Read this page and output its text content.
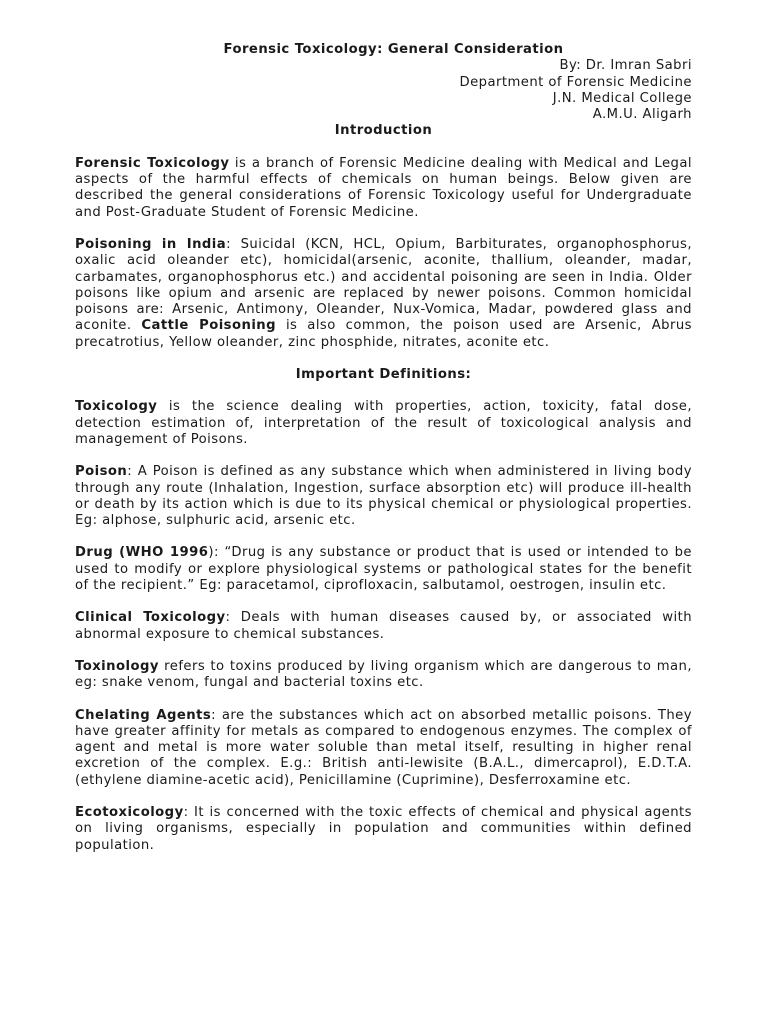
Forensic Toxicology: General Consideration

By: Dr. Imran Sabri

Department of Forensic Medicine

J.N. Medical College

A.M.U. Aligarh

Introduction

Forensic Toxicology is a branch of Forensic Medicine dealing with Medical and Legal aspects of the harmful effects of chemicals on human beings. Below given are described the general considerations of Forensic Toxicology useful for Undergraduate and Post-Graduate Student of Forensic Medicine.

Poisoning in India: Suicidal (KCN, HCL, Opium, Barbiturates, organophosphorus, oxalic acid oleander etc), homicidal(arsenic, aconite, thallium, oleander, madar, carbamates, organophosphorus etc.) and accidental poisoning are seen in India. Older poisons like opium and arsenic are replaced by newer poisons. Common homicidal poisons are: Arsenic, Antimony, Oleander, Nux-Vomica, Madar, powdered glass and aconite. Cattle Poisoning is also common, the poison used are Arsenic, Abrus precatrotius, Yellow oleander, zinc phosphide, nitrates, aconite etc.

Important Definitions:

Toxicology is the science dealing with properties, action, toxicity, fatal dose, detection estimation of, interpretation of the result of toxicological analysis and management of Poisons.

Poison: A Poison is defined as any substance which when administered in living body through any route (Inhalation, Ingestion, surface absorption etc) will produce ill-health or death by its action which is due to its physical chemical or physiological properties. Eg: alphose, sulphuric acid, arsenic etc.

Drug (WHO 1996): “Drug is any substance or product that is used or intended to be used to modify or explore physiological systems or pathological states for the benefit of the recipient.” Eg: paracetamol, ciprofloxacin, salbutamol, oestrogen, insulin etc.

Clinical Toxicology: Deals with human diseases caused by, or associated with abnormal exposure to chemical substances.

Toxinology refers to toxins produced by living organism which are dangerous to man, eg: snake venom, fungal and bacterial toxins etc.

Chelating Agents: are the substances which act on absorbed metallic poisons. They have greater affinity for metals as compared to endogenous enzymes. The complex of agent and metal is more water soluble than metal itself, resulting in higher renal excretion of the complex. E.g.: British anti-lewisite (B.A.L., dimercaprol), E.D.T.A. (ethylene diamine-acetic acid), Penicillamine (Cuprimine), Desferroxamine etc.

Ecotoxicology: It is concerned with the toxic effects of chemical and physical agents on living organisms, especially in population and communities within defined population.
